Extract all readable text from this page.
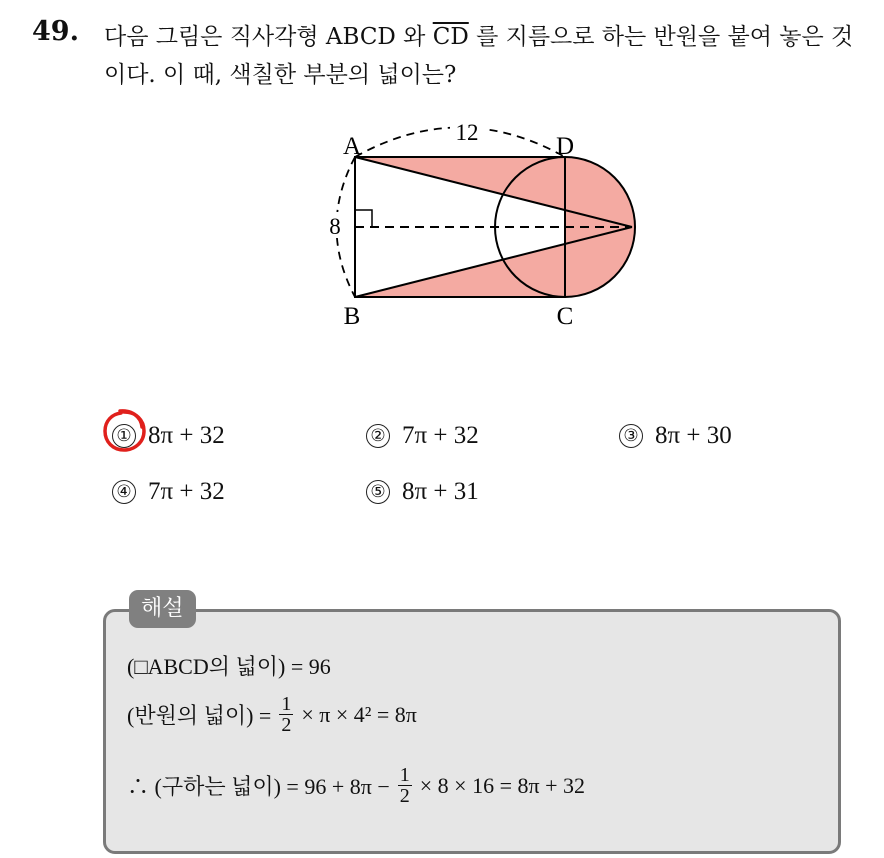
49. 다음 그림은 직사각형 ABCD 와 $\overline{CD}$ 를 지름으로 하는 반원을 붙여 놓은 것이다. 이 때, 색칠한 부분의 넓이는?
12
8
A	D
B	C
① 8π + 32	② 7π + 32	③ 8π + 30
④ 7π + 32	⑤ 8π + 31
해설
(□ABCD의 넓이) = 96
(반원의 넓이) = $\frac{1}{2} \times \pi \times 4^2 = 8\pi$
∴ (구하는 넓이) = $96 + 8\pi - \frac{1}{2} \times 8 \times 16 = 8\pi + 32$
